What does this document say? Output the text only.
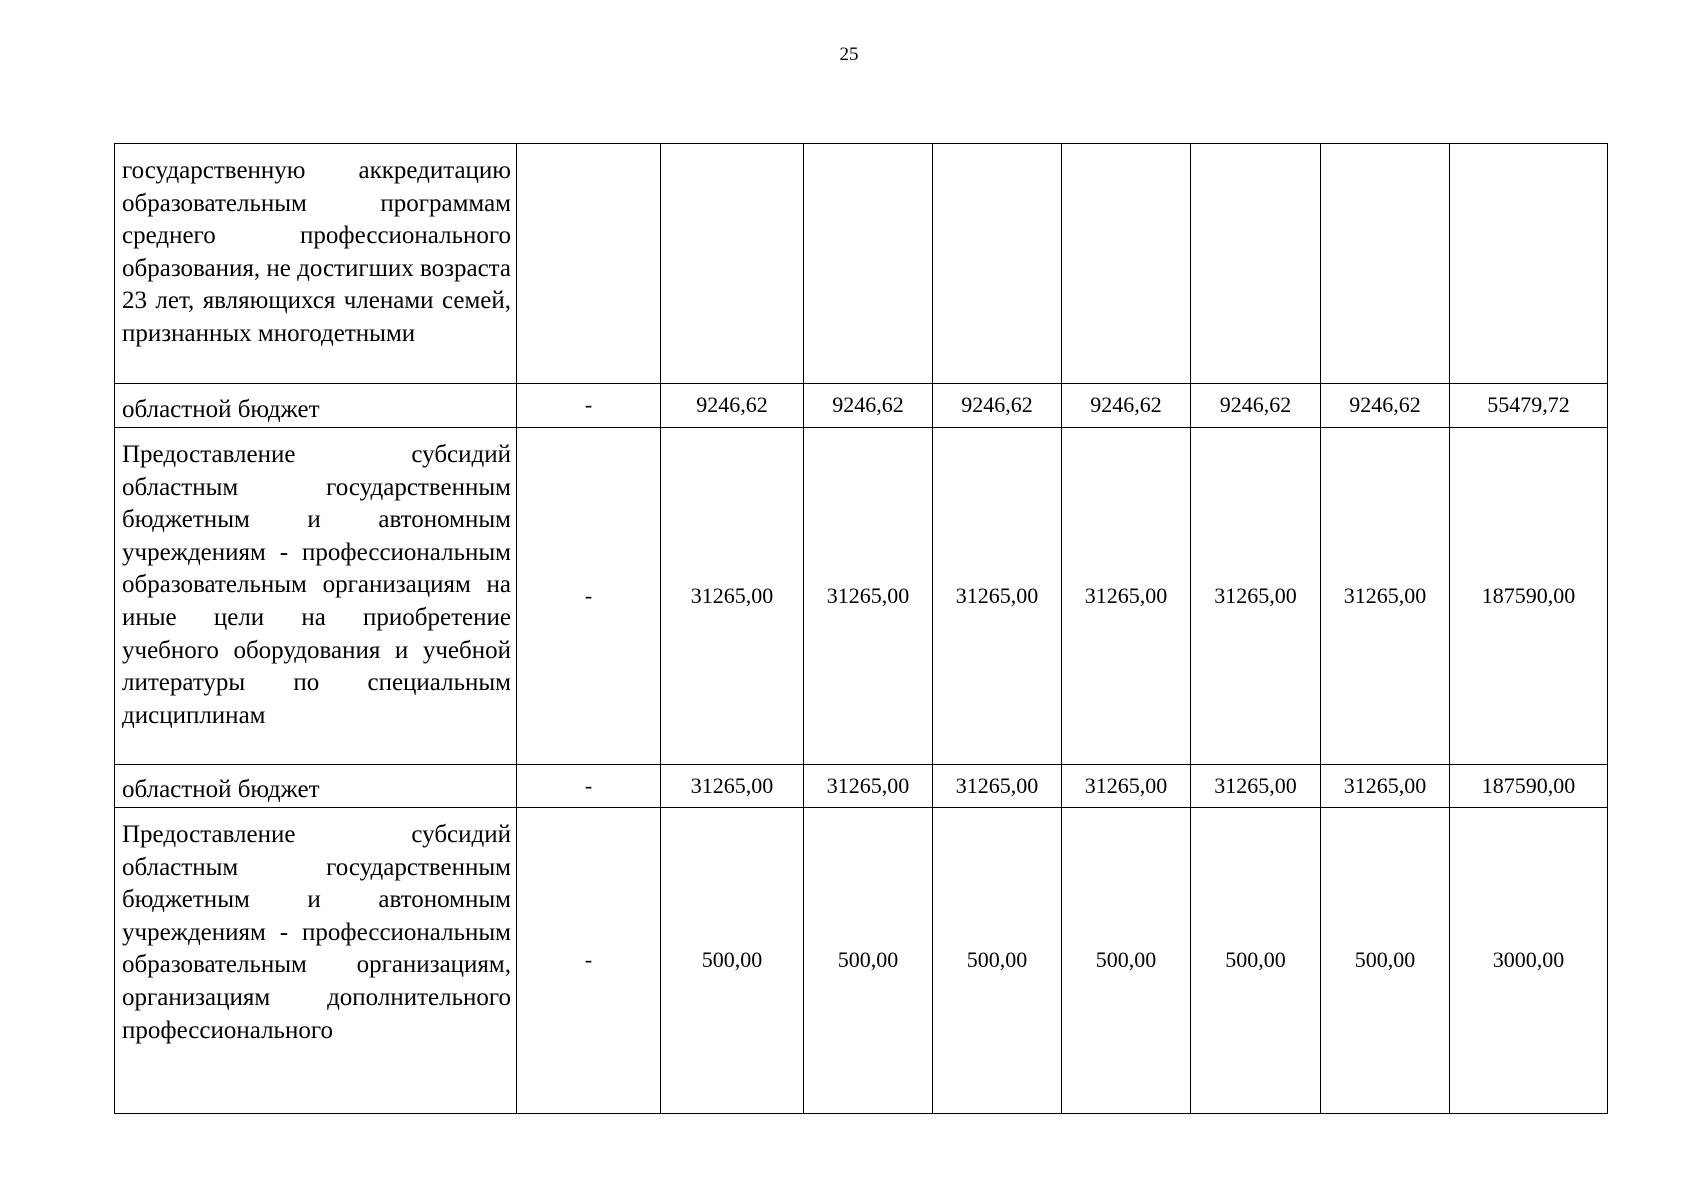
25
государственную аккредитацию образовательным программам среднего профессионального образования, не достигших возраста 23 лет, являющихся членами семей, признанных многодетными								
областной бюджет	-	9246,62	9246,62	9246,62	9246,62	9246,62	9246,62	55479,72
Предоставление субсидий областным государственным бюджетным и автономным учреждениям - профессиональным образовательным организациям на иные цели на приобретение учебного оборудования и учебной литературы по специальным дисциплинам	-	31265,00	31265,00	31265,00	31265,00	31265,00	31265,00	187590,00
областной бюджет	-	31265,00	31265,00	31265,00	31265,00	31265,00	31265,00	187590,00
Предоставление субсидий областным государственным бюджетным и автономным учреждениям - профессиональным образовательным организациям, организациям дополнительного профессионального	-	500,00	500,00	500,00	500,00	500,00	500,00	3000,00
